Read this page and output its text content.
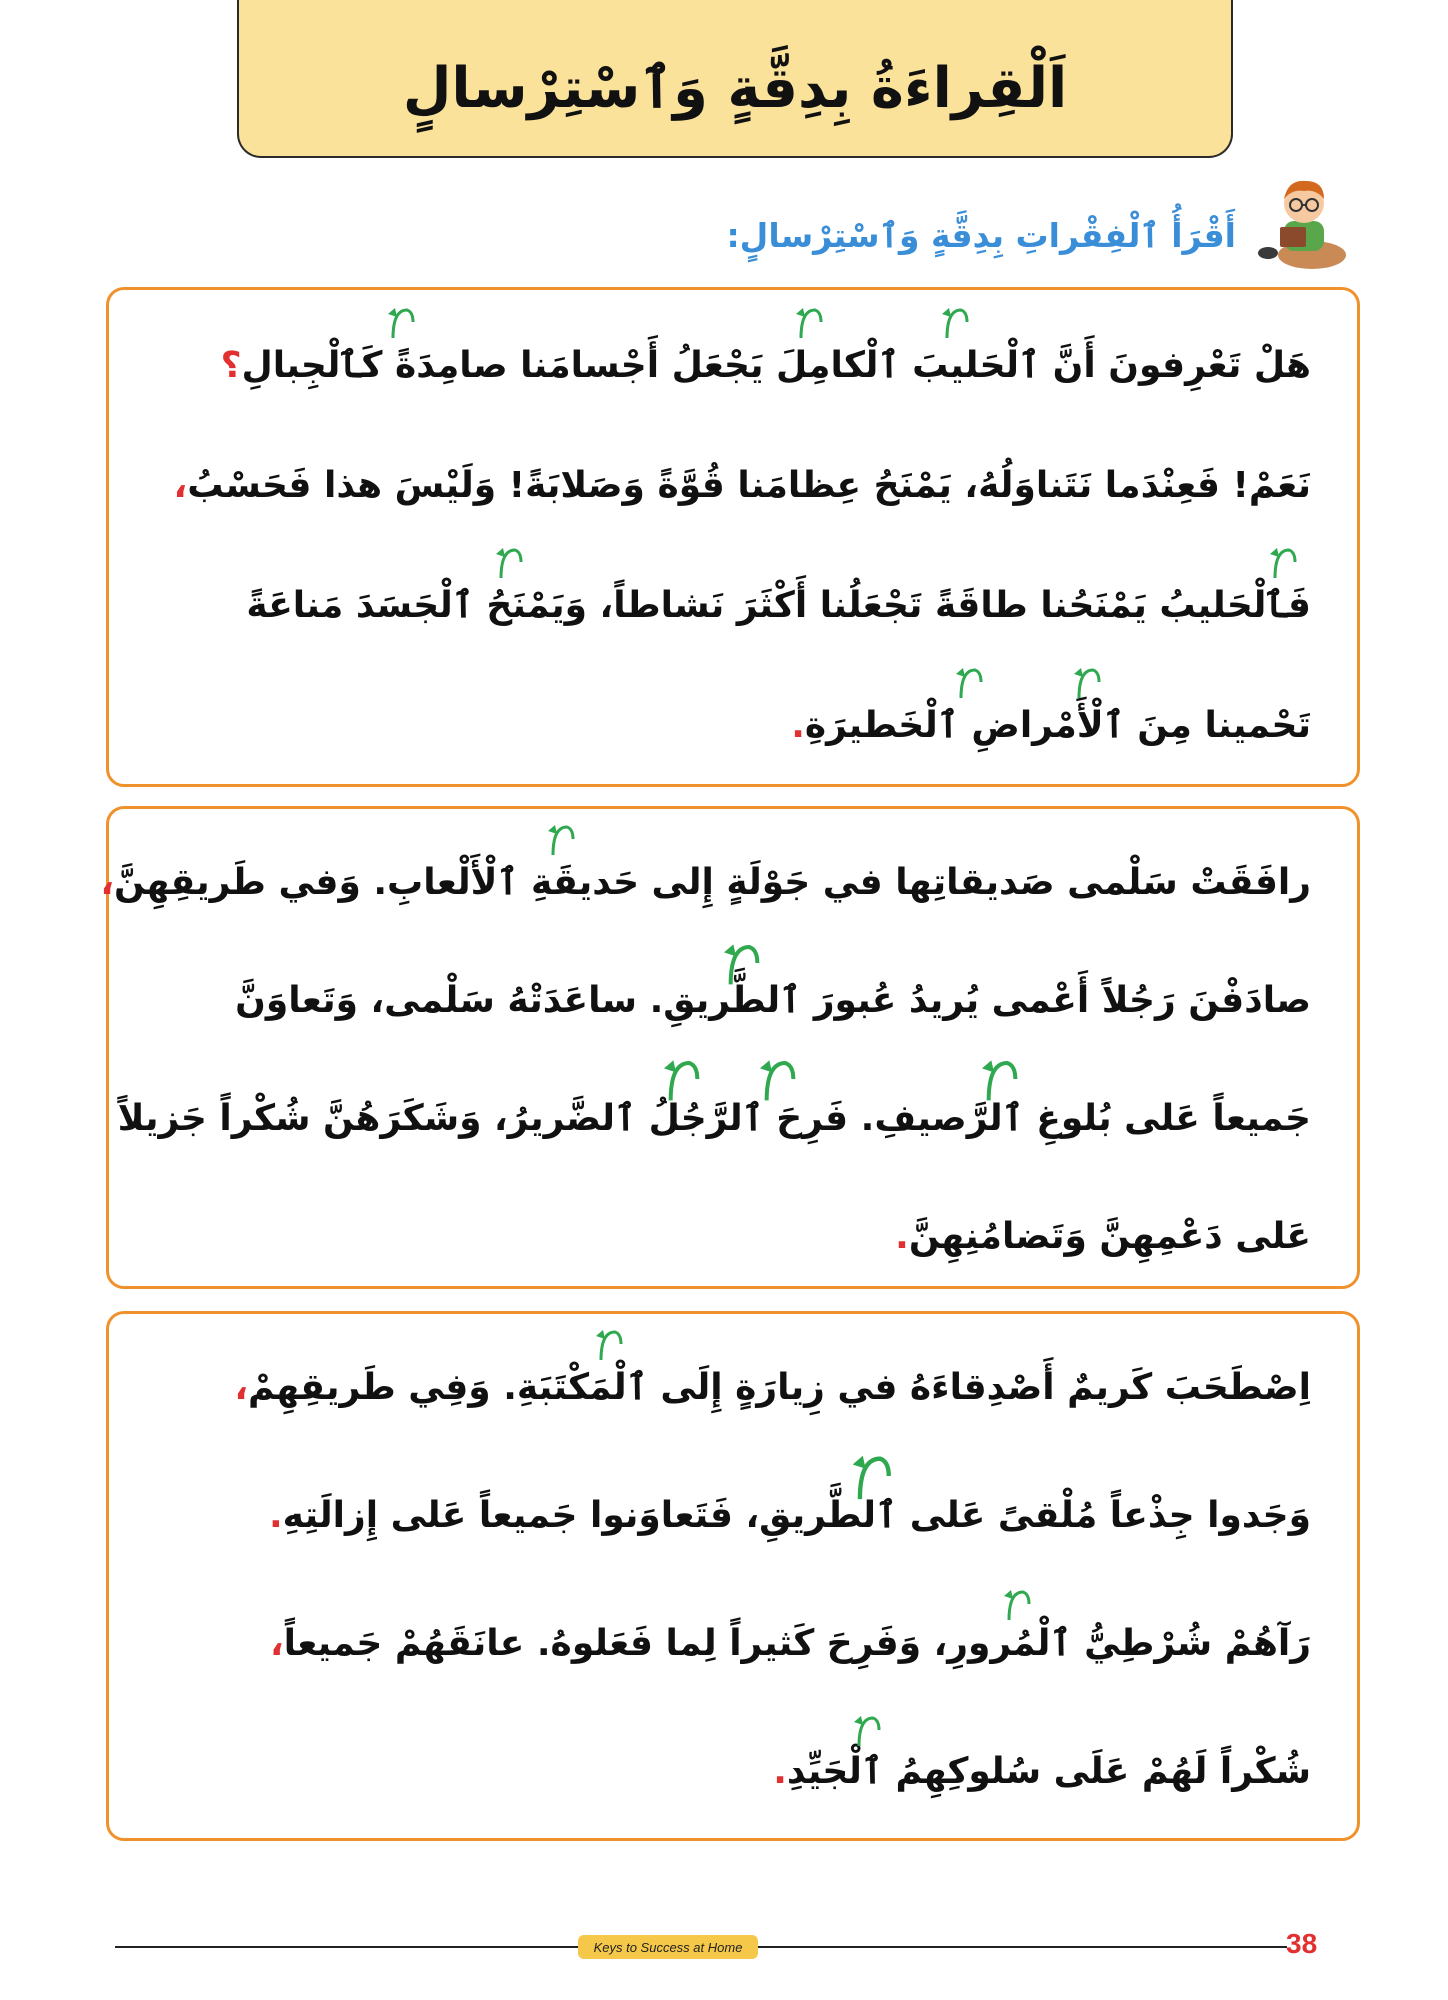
اَلْقِراءَةُ بِدِقَّةٍ وَٱسْتِرْسالٍ
أَقْرَأُ ٱلْفِقْراتِ بِدِقَّةٍ وَٱسْتِرْسالٍ:
هَلْ تَعْرِفونَ أَنَّ ٱلْحَليبَ ٱلْكامِلَ يَجْعَلُ أَجْسامَنا صامِدَةً كَٱلْجِبالِ؟
نَعَمْ! فَعِنْدَما نَتَناوَلُهُ، يَمْنَحُ عِظامَنا قُوَّةً وَصَلابَةً! وَلَيْسَ هذا فَحَسْبُ،
فَٱلْحَليبُ يَمْنَحُنا طاقَةً تَجْعَلُنا أَكْثَرَ نَشاطاً، وَيَمْنَحُ ٱلْجَسَدَ مَناعَةً
تَحْمينا مِنَ ٱلْأَمْراضِ ٱلْخَطيرَةِ.
رافَقَتْ سَلْمى صَديقاتِها في جَوْلَةٍ إِلى حَديقَةِ ٱلْأَلْعابِ. وَفي طَريقِهِنَّ،
صادَفْنَ رَجُلاً أَعْمى يُريدُ عُبورَ ٱلطَّريقِ. ساعَدَتْهُ سَلْمى، وَتَعاوَنَّ
جَميعاً عَلى بُلوغِ ٱلرَّصيفِ. فَرِحَ ٱلرَّجُلُ ٱلضَّريرُ، وَشَكَرَهُنَّ شُكْراً جَزيلاً
عَلى دَعْمِهِنَّ وَتَضامُنِهِنَّ.
اِصْطَحَبَ كَريمٌ أَصْدِقاءَهُ في زِيارَةٍ إِلَى ٱلْمَكْتَبَةِ. وَفِي طَريقِهِمْ،
وَجَدوا جِذْعاً مُلْقىً عَلى ٱلطَّريقِ، فَتَعاوَنوا جَميعاً عَلى إِزالَتِهِ.
رَآهُمْ شُرْطِيُّ ٱلْمُرورِ، وَفَرِحَ كَثيراً لِما فَعَلوهُ. عانَقَهُمْ جَميعاً،
شُكْراً لَهُمْ عَلَى سُلوكِهِمُ ٱلْجَيِّدِ.
Keys to Success at Home	38
